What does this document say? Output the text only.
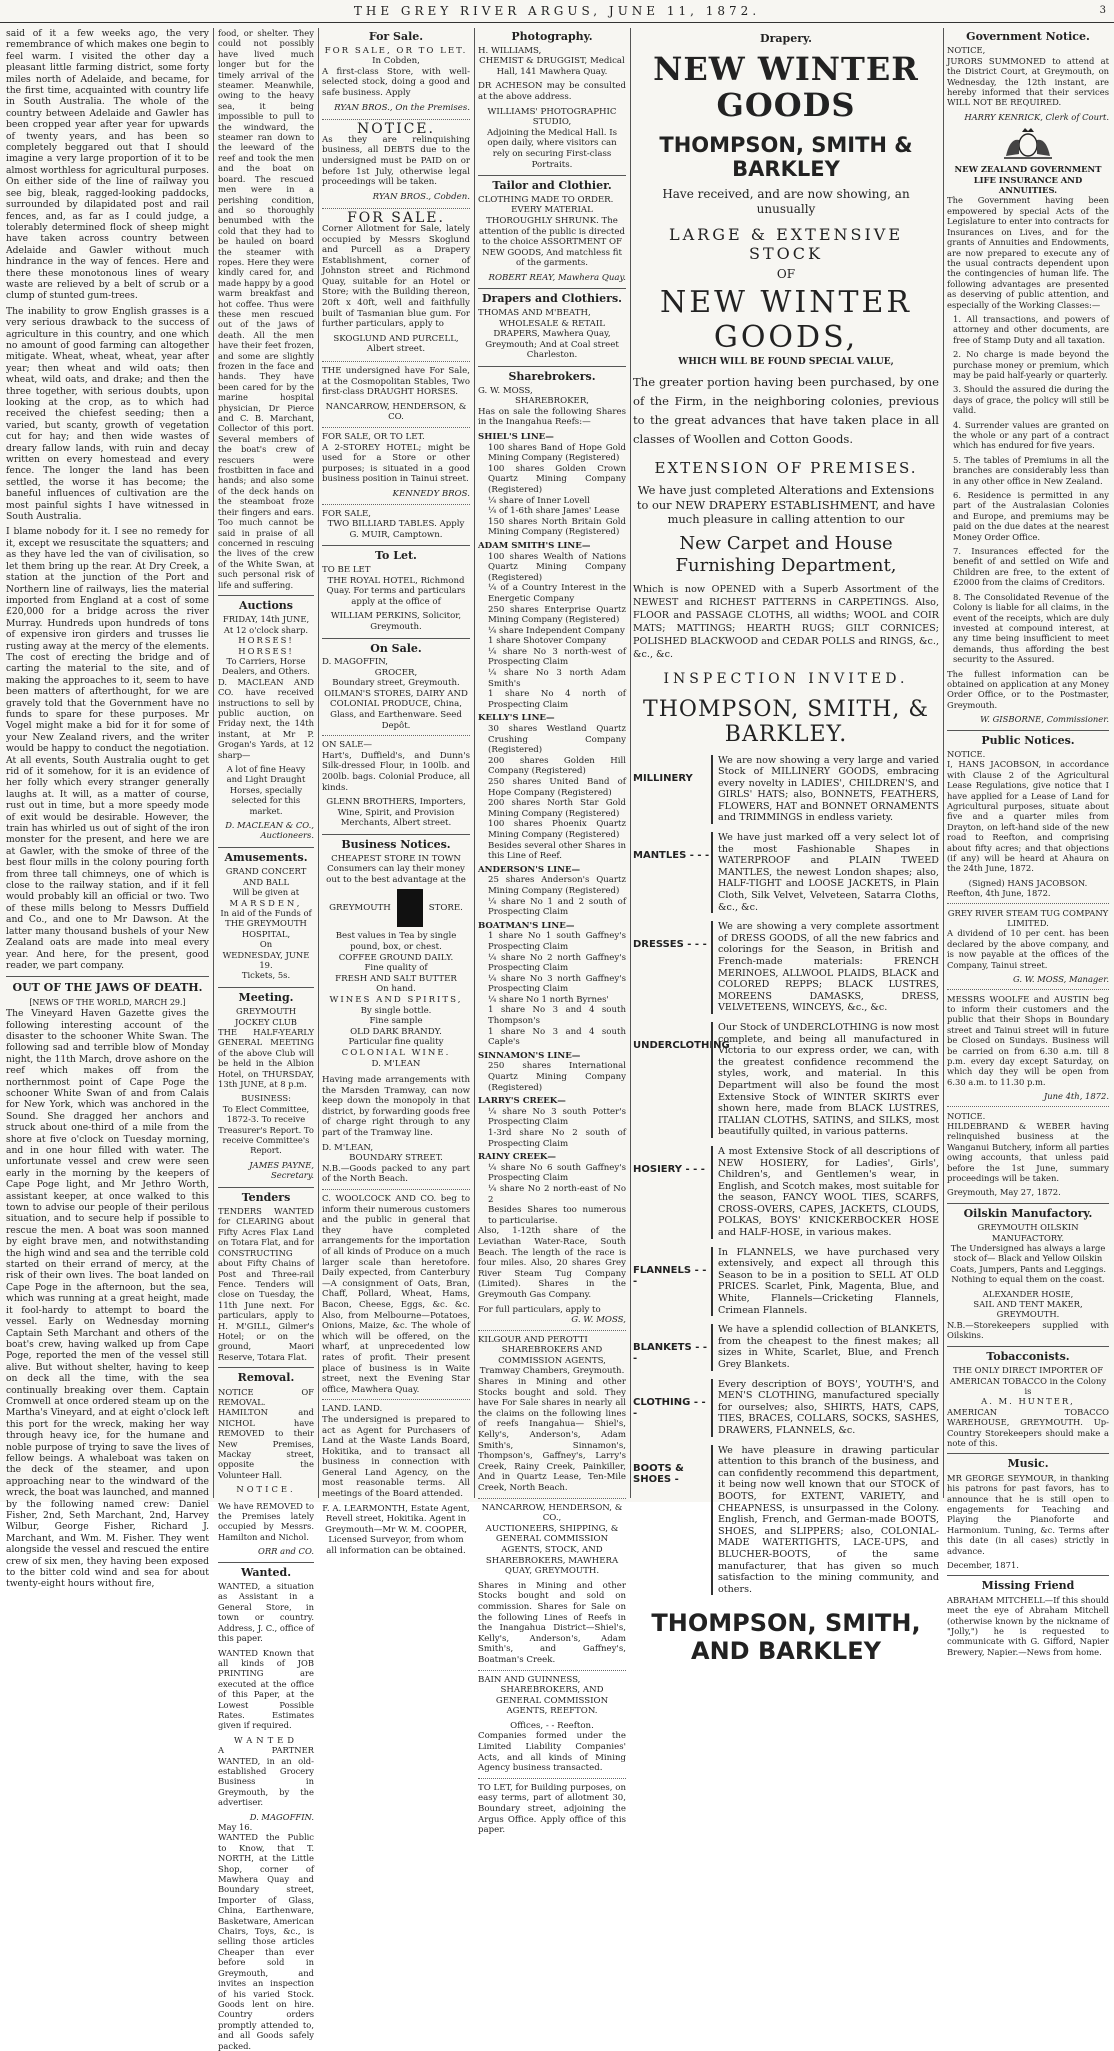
THE GREY RIVER ARGUS, JUNE 11, 1872.	3

said of it a few weeks ago, the very remembrance of which makes one begin to feel warm. I visited the other day a pleasant little farming district, some forty miles north of Adelaide, and became, for the first time, acquainted with country life in South Australia. The whole of the country between Adelaide and Gawler has been cropped year after year for upwards of twenty years, and has been so completely beggared out that I should imagine a very large proportion of it to be almost worthless for agricultural purposes. On either side of the line of railway you see big, bleak, ragged-looking paddocks, surrounded by dilapidated post and rail fences, and, as far as I could judge, a tolerably determined flock of sheep might have taken across country between Adelaide and Gawler without much hindrance in the way of fences. Here and there these monotonous lines of weary waste are relieved by a belt of scrub or a clump of stunted gum-trees.

The inability to grow English grasses is a very serious drawback to the success of agriculture in this country, and one which no amount of good farming can altogether mitigate. Wheat, wheat, wheat, year after year; then wheat and wild oats; then wheat, wild oats, and drake; and then the three together, with serious doubts, upon looking at the crop, as to which had received the chiefest seeding; then a varied, but scanty, growth of vegetation cut for hay; and then wide wastes of dreary fallow lands, with ruin and decay written on every homestead and every fence. The longer the land has been settled, the worse it has become; the baneful influences of cultivation are the most painful sights I have witnessed in South Australia.

I blame nobody for it. I see no remedy for it, except we resuscitate the squatters; and as they have led the van of civilisation, so let them bring up the rear. At Dry Creek, a station at the junction of the Port and Northern line of railways, lies the material imported from England at a cost of some £20,000 for a bridge across the river Murray. Hundreds upon hundreds of tons of expensive iron girders and trusses lie rusting away at the mercy of the elements. The cost of erecting the bridge and of carting the material to the site, and of making the approaches to it, seem to have been matters of afterthought, for we are gravely told that the Government have no funds to spare for these purposes. Mr Vogel might make a bid for it for some of your New Zealand rivers, and the writer would be happy to conduct the negotiation. At all events, South Australia ought to get rid of it somehow, for it is an evidence of her folly which every stranger generally laughs at. It will, as a matter of course, rust out in time, but a more speedy mode of exit would be desirable. However, the train has whirled us out of sight of the iron monster for the present, and here we are at Gawler, with the smoke of three of the best flour mills in the colony pouring forth from three tall chimneys, one of which is close to the railway station, and if it fell would probably kill an official or two. Two of these mills belong to Messrs Duffield and Co., and one to Mr Dawson. At the latter many thousand bushels of your New Zealand oats are made into meal every year. And here, for the present, good reader, we part company.

OUT OF THE JAWS OF DEATH.
[NEWS OF THE WORLD, MARCH 29.]

The Vineyard Haven Gazette gives the following interesting account of the disaster to the schooner White Swan. The following sad and terrible blow of Monday night, the 11th March, drove ashore on the reef which makes off from the northernmost point of Cape Poge the schooner White Swan of and from Calais for New York, which was anchored in the Sound. She dragged her anchors and struck about one-third of a mile from the shore at five o'clock on Tuesday morning, and in one hour filled with water. The unfortunate vessel and crew were seen early in the morning by the keepers of Cape Poge light, and Mr Jethro Worth, assistant keeper, at once walked to this town to advise our people of their perilous situation, and to secure help if possible to rescue the men. A boat was soon manned by eight brave men, and notwithstanding the high wind and sea and the terrible cold started on their errand of mercy, at the risk of their own lives. The boat landed on Cape Poge in the afternoon, but the sea, which was running at a great height, made it fool-hardy to attempt to board the vessel. Early on Wednesday morning Captain Seth Marchant and others of the boat's crew, having walked up from Cape Poge, reported the men of the vessel still alive. But without shelter, having to keep on deck all the time, with the sea continually breaking over them. Captain Cromwell at once ordered steam up on the Martha's Vineyard, and at eight o'clock left this port for the wreck, making her way through heavy ice, for the humane and noble purpose of trying to save the lives of fellow beings. A whaleboat was taken on the deck of the steamer, and upon approaching near to the windward of the wreck, the boat was launched, and manned by the following named crew: Daniel Fisher, 2nd, Seth Marchant, 2nd, Harvey Wilbur, George Fisher, Richard J. Marchant, and Wm. M. Fisher. They went alongside the vessel and rescued the entire crew of six men, they having been exposed to the bitter cold wind and sea for about twenty-eight hours without fire,

food, or shelter. They could not possibly have lived much longer but for the timely arrival of the steamer. Meanwhile, owing to the heavy sea, it being impossible to pull to the windward, the steamer ran down to the leeward of the reef and took the men and the boat on board. The rescued men were in a perishing condition, and so thoroughly benumbed with the cold that they had to be hauled on board the steamer with ropes. Here they were kindly cared for, and made happy by a good warm breakfast and hot coffee. Thus were these men rescued out of the jaws of death. All the men have their feet frozen, and some are slightly frozen in the face and hands. They have been cared for by the marine hospital physician, Dr Pierce and C. B. Marchant, Collector of this port. Several members of the boat's crew of rescuers were frostbitten in face and hands; and also some of the deck hands on the steamboat froze their fingers and ears. Too much cannot be said in praise of all concerned in rescuing the lives of the crew of the White Swan, at such personal risk of life and suffering.

Auctions
FRIDAY, 14th JUNE,
At 12 o'clock sharp.
HORSES! HORSES!
To Carriers, Horse Dealers, and Others.

D. MACLEAN AND CO. have received instructions to sell by public auction, on Friday next, the 14th instant, at Mr P. Grogan's Yards, at 12 sharp—

A lot of fine Heavy and Light Draught Horses, specially selected for this market.

D. MACLEAN & CO., Auctioneers.
Amusements.
GRAND CONCERT AND BALL
Will be given at
MARSDEN,
In aid of the Funds of
THE GREYMOUTH HOSPITAL,
On
WEDNESDAY, JUNE 19.
Tickets, 5s.
Meeting.
GREYMOUTH JOCKEY CLUB

THE HALF-YEARLY GENERAL MEETING of the above Club will be held in the Albion Hotel, on THURSDAY, 13th JUNE, at 8 p.m.

BUSINESS:

To Elect Committee, 1872-3. To receive Treasurer's Report. To receive Committee's Report.

JAMES PAYNE, Secretary.
Tenders

TENDERS WANTED for CLEARING about Fifty Acres Flax Land on Totara Flat, and for CONSTRUCTING about Fifty Chains of Post and Three-rail Fence. Tenders will close on Tuesday, the 11th June next. For particulars, apply to H. M'GILL, Gilmer's Hotel; or on the ground, Maori Reserve, Totara Flat.

Removal.

NOTICE OF REMOVAL. HAMILTON and NICHOL have REMOVED to their New Premises, Mackay street, opposite the Volunteer Hall.

NOTICE.

We have REMOVED to the Premises lately occupied by Messrs. Hamilton and Nichol.

ORR and CO.
Wanted.

WANTED, a situation as Assistant in a General Store, in town or country. Address, J. C., office of this paper.

WANTED Known that all kinds of JOB PRINTING are executed at the office of this Paper, at the Lowest Possible Rates. Estimates given if required.

WANTED

A PARTNER WANTED, in an old-established Grocery Business in Greymouth, by the advertiser.

D. MAGOFFIN.
May 16.

WANTED the Public to Know, that T. NORTH, at the Little Shop, corner of Mawhera Quay and Boundary street, Importer of Glass, China, Earthenware, Basketware, American Chairs, Toys, &c., is selling those articles Cheaper than ever before sold in Greymouth, and invites an inspection of his varied Stock. Goods lent on hire. Country orders promptly attended to, and all Goods safely packed.

For Sale.
FOR SALE, OR TO LET.
In Cobden,

A first-class Store, with well-selected stock, doing a good and safe business. Apply

RYAN BROS., On the Premises.
NOTICE.

As they are relinquishing business, all DEBTS due to the undersigned must be PAID on or before 1st July, otherwise legal proceedings will be taken.

RYAN BROS., Cobden.
FOR SALE.

Corner Allotment for Sale, lately occupied by Messrs Skoglund and Purcell as a Drapery Establishment, corner of Johnston street and Richmond Quay, suitable for an Hotel or Store; with the Building thereon, 20ft x 40ft, well and faithfully built of Tasmanian blue gum. For further particulars, apply to

SKOGLUND AND PURCELL, Albert street.

THE undersigned have For Sale, at the Cosmopolitan Stables, Two first-class DRAUGHT HORSES.

NANCARROW, HENDERSON, & CO.
FOR SALE, OR TO LET.

A 2-STOREY HOTEL; might be used for a Store or other purposes; is situated in a good business position in Tainui street.

KENNEDY BROS.
FOR SALE,

TWO BILLIARD TABLES. Apply G. MUIR, Camptown.

To Let.
TO BE LET

THE ROYAL HOTEL, Richmond Quay. For terms and particulars apply at the office of

WILLIAM PERKINS, Solicitor, Greymouth.
On Sale.
D. MAGOFFIN,
GROCER,

Boundary street, Greymouth. OILMAN'S STORES, DAIRY AND COLONIAL PRODUCE, China, Glass, and Earthenware. Seed Depôt.

ON SALE—

Hart's, Duffield's, and Dunn's Silk-dressed Flour, in 100lb. and 200lb. bags. Colonial Produce, all kinds.

GLENN BROTHERS, Importers, Wine, Spirit, and Provision Merchants, Albert street.
Business Notices.
CHEAPEST STORE IN TOWN
Consumers can lay their money out to the best advantage at the
GREYMOUTH	STORE.
Best values in Tea by single pound, box, or chest.
COFFEE GROUND DAILY.
Fine quality of
FRESH AND SALT BUTTER
On hand.
WINES AND SPIRITS,
By single bottle.
Fine sample
OLD DARK BRANDY.
Particular fine quality
COLONIAL WINE.
D. M'LEAN

Having made arrangements with the Marsden Tramway, can now keep down the monopoly in that district, by forwarding goods free of charge right through to any part of the Tramway line.

D. M'LEAN,
BOUNDARY STREET.

N.B.—Goods packed to any part of the North Beach.

C. WOOLCOCK AND CO. beg to inform their numerous customers and the public in general that they have completed arrangements for the importation of all kinds of Produce on a much larger scale than heretofore. Daily expected, from Canterbury—A consignment of Oats, Bran, Chaff, Pollard, Wheat, Hams, Bacon, Cheese, Eggs, &c. &c. Also, from Melbourne—Potatoes, Onions, Maize, &c. The whole of which will be offered, on the wharf, at unprecedented low rates of profit. Their present place of business is in Waite street, next the Evening Star office, Mawhera Quay.

LAND. LAND.

The undersigned is prepared to act as Agent for Purchasers of Land at the Waste Lands Board, Hokitika, and to transact all business in connection with General Land Agency, on the most reasonable terms. All meetings of the Board attended.

F. A. LEARMONTH, Estate Agent, Revell street, Hokitika. Agent in Greymouth—Mr W. M. COOPER, Licensed Surveyor, from whom all information can be obtained.

Photography.
H. WILLIAMS,

CHEMIST & DRUGGIST, Medical Hall, 141 Mawhera Quay.

DR ACHESON may be consulted at the above address.

WILLIAMS' PHOTOGRAPHIC STUDIO,

Adjoining the Medical Hall. Is open daily, where visitors can rely on securing First-class Portraits.

Tailor and Clothier.
CLOTHING MADE TO ORDER.

EVERY MATERIAL THOROUGHLY SHRUNK. The attention of the public is directed to the choice ASSORTMENT OF NEW GOODS, And matchless fit of the garments.

ROBERT REAY, Mawhera Quay.
Drapers and Clothiers.
THOMAS AND M'BEATH,

WHOLESALE & RETAIL DRAPERS, Mawhera Quay, Greymouth; And at Coal street Charleston.

Sharebrokers.
G. W. MOSS,
SHAREBROKER,

Has on sale the following Shares in the Inangahua Reefs:—

SHIEL'S LINE—
100 shares Band of Hope Gold Mining Company (Registered)
100 shares Golden Crown Quartz Mining Company (Registered)
¼ share of Inner Lovell
¼ of 1-6th share James' Lease
150 shares North Britain Gold Mining Company (Registered)
ADAM SMITH'S LINE—
100 shares Wealth of Nations Quartz Mining Company (Registered)
¼ of a Country Interest in the Energetic Company
250 shares Enterprise Quartz Mining Company (Registered)
¼ share Independent Company
1 share Shotover Company
¼ share No 3 north-west of Prospecting Claim
¼ share No 3 north Adam Smith's
1 share No 4 north of Prospecting Claim
KELLY'S LINE—
30 shares Westland Quartz Crushing Company (Registered)
200 shares Golden Hill Company (Registered)
250 shares United Band of Hope Company (Registered)
200 shares North Star Gold Mining Company (Registered)
100 shares Phoenix Quartz Mining Company (Registered)
Besides several other Shares in this Line of Reef.
ANDERSON'S LINE—
25 shares Anderson's Quartz Mining Company (Registered)
¼ share No 1 and 2 south of Prospecting Claim
BOATMAN'S LINE—
1 share No 1 south Gaffney's Prospecting Claim
¼ share No 2 north Gaffney's Prospecting Claim
¼ share No 3 north Gaffney's Prospecting Claim
¼ share No 1 north Byrnes'
1 share No 3 and 4 south Thompson's
1 share No 3 and 4 south Caple's
SINNAMON'S LINE—
250 shares International Quartz Mining Company (Registered)
LARRY'S CREEK—
¼ share No 3 south Potter's Prospecting Claim
1-3rd share No 2 south of Prospecting Claim
RAINY CREEK—
¼ share No 6 south Gaffney's Prospecting Claim
¼ share No 2 north-east of No 2
Besides Shares too numerous to particularise.

Also, 1-12th share of the Leviathan Water-Race, South Beach. The length of the race is four miles. Also, 20 shares Grey River Steam Tug Company (Limited). Shares in the Greymouth Gas Company.

For full particulars, apply to
G. W. MOSS,
KILGOUR AND PEROTTI
SHAREBROKERS AND COMMISSION AGENTS, Tramway Chambers, Greymouth.

Shares in Mining and other Stocks bought and sold. They have For Sale shares in nearly all the claims on the following lines of reefs Inangahua— Shiel's, Kelly's, Anderson's, Adam Smith's, Sinnamon's, Thompson's, Gaffney's, Larry's Creek, Rainy Creek, Painkiller, And in Quartz Lease, Ten-Mile Creek, North Beach.

NANCARROW, HENDERSON, & CO.,

AUCTIONEERS, SHIPPING, & GENERAL COMMISSION AGENTS, STOCK, AND SHAREBROKERS, MAWHERA QUAY, GREYMOUTH.

Shares in Mining and other Stocks bought and sold on commission. Shares for Sale on the following Lines of Reefs in the Inangahua District—Shiel's, Kelly's, Anderson's, Adam Smith's, and Gaffney's, Boatman's Creek.

BAIN AND GUINNESS,

SHAREBROKERS, AND GENERAL COMMISSION AGENTS, REEFTON.

Offices, - - Reefton.

Companies formed under the Limited Liability Companies' Acts, and all kinds of Mining Agency business transacted.

TO LET, for Building purposes, on easy terms, part of allotment 30, Boundary street, adjoining the Argus Office. Apply office of this paper.

Drapery.
NEW WINTER GOODS
THOMPSON, SMITH & BARKLEY
Have received, and are now showing, an unusually
LARGE & EXTENSIVE STOCK
OF
NEW WINTER GOODS,
WHICH WILL BE FOUND SPECIAL VALUE,
The greater portion having been purchased, by one of the Firm, in the neighboring colonies, previous to the great advances that have taken place in all classes of Woollen and Cotton Goods.
EXTENSION OF PREMISES.
We have just completed Alterations and Extensions to our NEW DRAPERY ESTABLISHMENT, and have much pleasure in calling attention to our
New Carpet and House Furnishing Department,
Which is now OPENED with a Superb Assortment of the NEWEST and RICHEST PATTERNS in CARPETINGS. Also, FLOOR and PASSAGE CLOTHS, all widths; WOOL and COIR MATS; MATTINGS; HEARTH RUGS; GILT CORNICES; POLISHED BLACKWOOD and CEDAR POLLS and RINGS, &c., &c., &c.
INSPECTION INVITED.
THOMPSON, SMITH, & BARKLEY.
MILLINERY
We are now showing a very large and varied Stock of MILLINERY GOODS, embracing every novelty in LADIES', CHILDREN'S, and GIRLS' HATS; also, BONNETS, FEATHERS, FLOWERS, HAT and BONNET ORNAMENTS and TRIMMINGS in endless variety.
MANTLES - - -
We have just marked off a very select lot of the most Fashionable Shapes in WATERPROOF and PLAIN TWEED MANTLES, the newest London shapes; also, HALF-TIGHT and LOOSE JACKETS, in Plain Cloth, Silk Velvet, Velveteen, Satarra Cloths, &c., &c.
DRESSES - - -
We are showing a very complete assortment of DRESS GOODS, of all the new fabrics and colorings for the Season, in British and French-made materials: FRENCH MERINOES, ALLWOOL PLAIDS, BLACK and COLORED REPPS; BLACK LUSTRES, MOREENS DAMASKS, DRESS, VELVETEENS, WINCEYS, &c., &c.
UNDERCLOTHING
Our Stock of UNDERCLOTHING is now most complete, and being all manufactured in Victoria to our express order, we can, with the greatest confidence recommend the styles, work, and material. In this Department will also be found the most Extensive Stock of WINTER SKIRTS ever shown here, made from BLACK LUSTRES, ITALIAN CLOTHS, SATINS, and SILKS, most beautifully quilted, in various patterns.
HOSIERY - - -
A most Extensive Stock of all descriptions of NEW HOSIERY, for Ladies', Girls', Children's, and Gentlemen's wear, in English, and Scotch makes, most suitable for the season, FANCY WOOL TIES, SCARFS, CROSS-OVERS, CAPES, JACKETS, CLOUDS, POLKAS, BOYS' KNICKERBOCKER HOSE and HALF-HOSE, in various makes.
FLANNELS - - -
In FLANNELS, we have purchased very extensively, and expect all through this Season to be in a position to SELL AT OLD PRICES. Scarlet, Pink, Magenta, Blue, and White, Flannels—Cricketing Flannels, Crimean Flannels.
BLANKETS - - -
We have a splendid collection of BLANKETS, from the cheapest to the finest makes; all sizes in White, Scarlet, Blue, and French Grey Blankets.
CLOTHING - - -
Every description of BOYS', YOUTH'S, and MEN'S CLOTHING, manufactured specially for ourselves; also, SHIRTS, HATS, CAPS, TIES, BRACES, COLLARS, SOCKS, SASHES, DRAWERS, FLANNELS, &c.
BOOTS & SHOES -
We have pleasure in drawing particular attention to this branch of the business, and can confidently recommend this department, it being now well known that our STOCK of BOOTS, for EXTENT, VARIETY, and CHEAPNESS, is unsurpassed in the Colony. English, French, and German-made BOOTS, SHOES, and SLIPPERS; also, COLONIAL-MADE WATERTIGHTS, LACE-UPS, and BLUCHER-BOOTS, of the same manufacturer, that has given so much satisfaction to the mining community, and others.
THOMPSON, SMITH, AND BARKLEY
Government Notice.
NOTICE,

JURORS SUMMONED to attend at the District Court, at Greymouth, on Wednesday, the 12th instant, are hereby informed that their services WILL NOT BE REQUIRED.

HARRY KENRICK, Clerk of Court.
NEW ZEALAND GOVERNMENT LIFE INSURANCE AND ANNUITIES.

The Government having been empowered by special Acts of the Legislature to enter into contracts for Insurances on Lives, and for the grants of Annuities and Endowments, are now prepared to execute any of the usual contracts dependent upon the contingencies of human life. The following advantages are presented as deserving of public attention, and especially of the Working Classes:—

1. All transactions, and powers of attorney and other documents, are free of Stamp Duty and all taxation.

2. No charge is made beyond the purchase money or premium, which may be paid half-yearly or quarterly.

3. Should the assured die during the days of grace, the policy will still be valid.

4. Surrender values are granted on the whole or any part of a contract which has endured for five years.

5. The tables of Premiums in all the branches are considerably less than in any other office in New Zealand.

6. Residence is permitted in any part of the Australasian Colonies and Europe, and premiums may be paid on the due dates at the nearest Money Order Office.

7. Insurances effected for the benefit of and settled on Wife and Children are free, to the extent of £2000 from the claims of Creditors.

8. The Consolidated Revenue of the Colony is liable for all claims, in the event of the receipts, which are duly invested at compound interest, at any time being insufficient to meet demands, thus affording the best security to the Assured.

The fullest information can be obtained on application at any Money Order Office, or to the Postmaster, Greymouth.

W. GISBORNE, Commissioner.
Public Notices.
NOTICE.

I, HANS JACOBSON, in accordance with Clause 2 of the Agricultural Lease Regulations, give notice that I have applied for a Lease of Land for Agricultural purposes, situate about five and a quarter miles from Drayton, on left-hand side of the new road to Reefton, and comprising about fifty acres; and that objections (if any) will be heard at Ahaura on the 24th June, 1872.

(Signed) HANS JACOBSON.
Reefton, 4th June, 1872.
GREY RIVER STEAM TUG COMPANY LIMITED.

A dividend of 10 per cent. has been declared by the above company, and is now payable at the offices of the Company, Tainui street.

G. W. MOSS, Manager.

MESSRS WOOLFE and AUSTIN beg to inform their customers and the public that their Shops in Boundary street and Tainui street will in future be Closed on Sundays. Business will be carried on from 6.30 a.m. till 8 p.m. every day except Saturday, on which day they will be open from 6.30 a.m. to 11.30 p.m.

June 4th, 1872.
NOTICE.

HILDEBRAND & WEBER having relinquished business at the Wanganui Butchery, inform all parties owing accounts, that unless paid before the 1st June, summary proceedings will be taken.

Greymouth, May 27, 1872.
Oilskin Manufactory.
GREYMOUTH OILSKIN MANUFACTORY.

The Undersigned has always a large stock of— Black and Yellow Oilskin Coats, Jumpers, Pants and Leggings. Nothing to equal them on the coast.

ALEXANDER HOSIE,
SAIL AND TENT MAKER, GREYMOUTH.
N.B.—Storekeepers supplied with Oilskins.
Tobacconists.
THE ONLY DIRECT IMPORTER OF AMERICAN TOBACCO in the Colony is
A. M. HUNTER,

AMERICAN TOBACCO WAREHOUSE, GREYMOUTH. Up-Country Storekeepers should make a note of this.

Music.

MR GEORGE SEYMOUR, in thanking his patrons for past favors, has to announce that he is still open to engagements for Teaching and Playing the Pianoforte and Harmonium. Tuning, &c. Terms after this date (in all cases) strictly in advance.

December, 1871.
Missing Friend

ABRAHAM MITCHELL—If this should meet the eye of Abraham Mitchell (otherwise known by the nickname of "Jolly,") he is requested to communicate with G. Gifford, Napier Brewery, Napier.—News from home.
